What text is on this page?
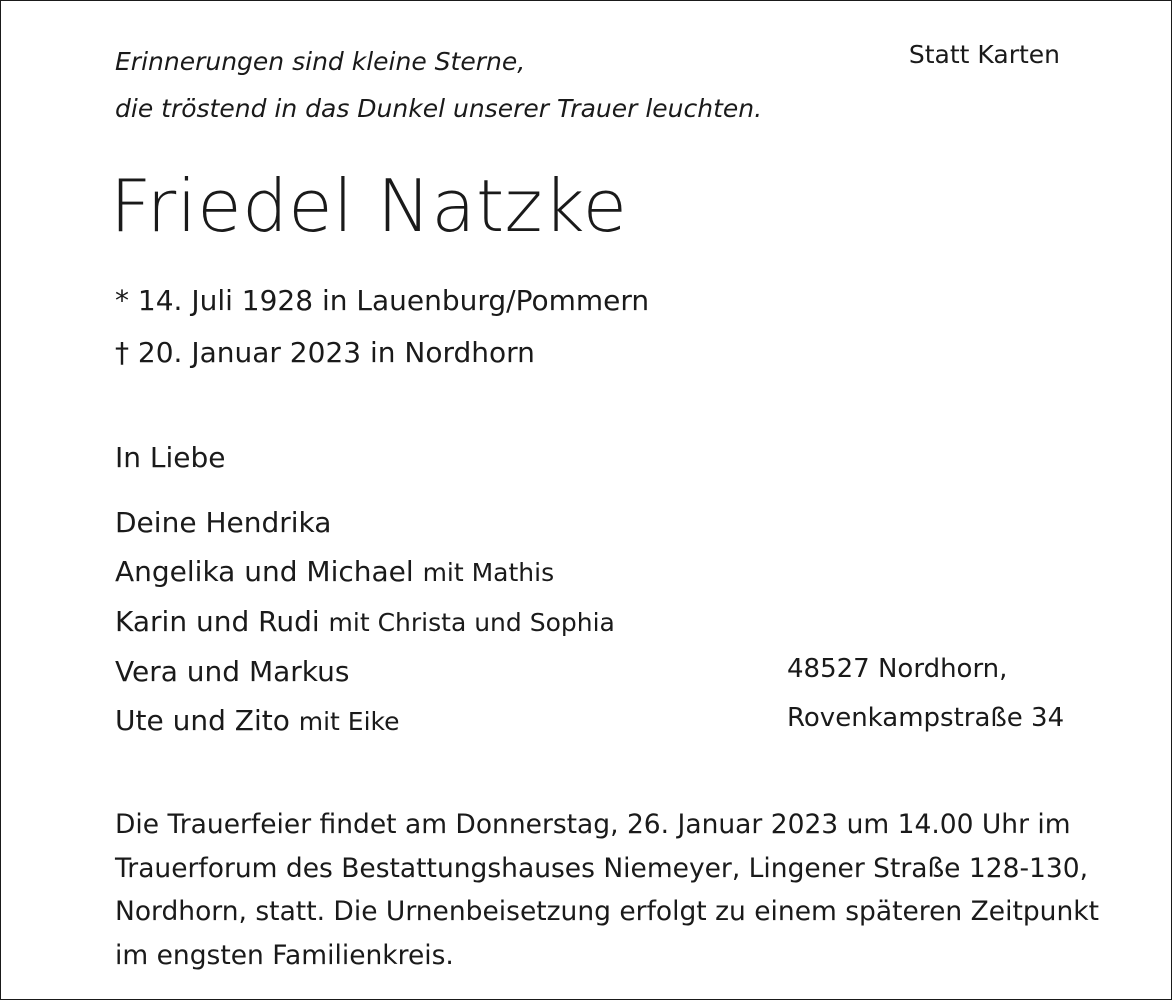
Erinnerungen sind kleine Sterne,
die tröstend in das Dunkel unserer Trauer leuchten.
Statt Karten
Friedel Natzke
* 14. Juli 1928 in Lauenburg/Pommern
† 20. Januar 2023 in Nordhorn
In Liebe
Deine Hendrika
Angelika und Michael mit Mathis
Karin und Rudi mit Christa und Sophia
Vera und Markus
Ute und Zito mit Eike
48527 Nordhorn,
Rovenkampstraße 34
Die Trauerfeier findet am Donnerstag, 26. Januar 2023 um 14.00 Uhr im
Trauerforum des Bestattungshauses Niemeyer, Lingener Straße 128-130,
Nordhorn, statt. Die Urnenbeisetzung erfolgt zu einem späteren Zeitpunkt
im engsten Familienkreis.
